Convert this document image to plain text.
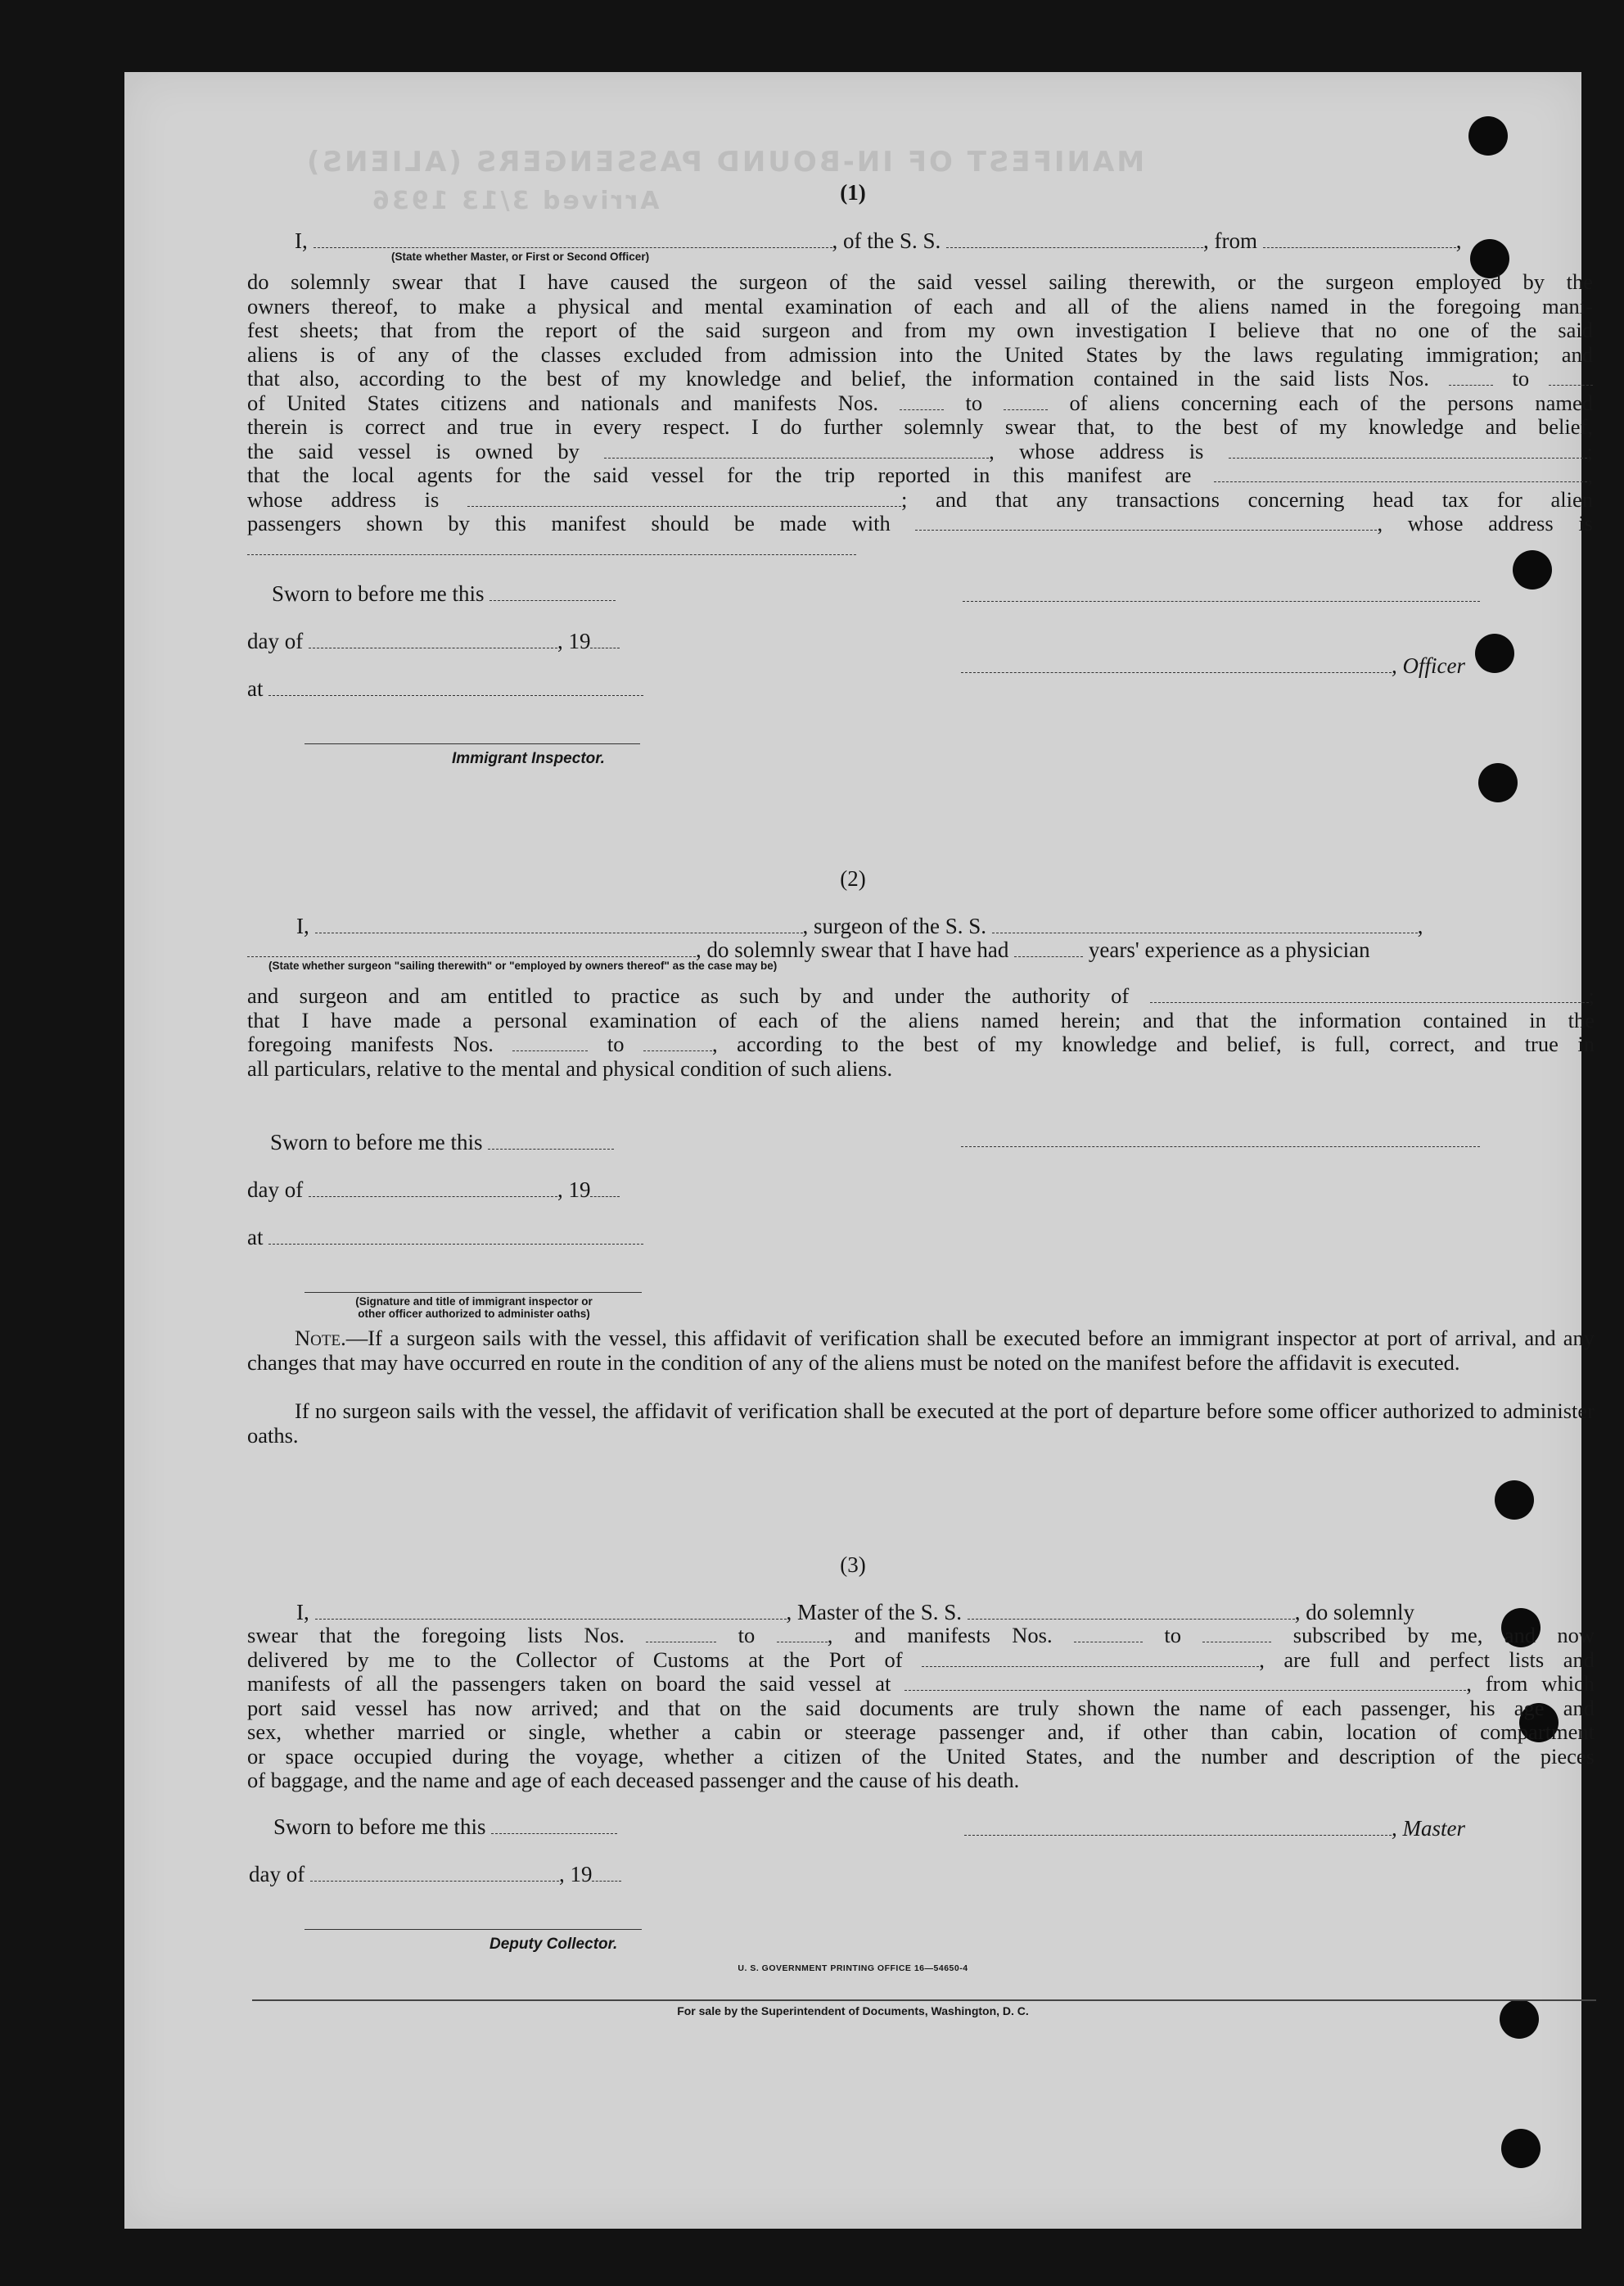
MANIFEST OF IN-BOUND PASSENGERS (ALIENS)
Arrived 3/13 1936	(1)
I,	, of the S. S.	, from	,
(State whether Master, or First or Second Officer)
do solemnly swear that I have caused the surgeon of the said vessel sailing therewith, or the surgeon employed by the
owners thereof, to make a physical and mental examination of each and all of the aliens named in the foregoing mani-
fest sheets; that from the report of the said surgeon and from my own investigation I believe that no one of the said
aliens is of any of the classes excluded from admission into the United States by the laws regulating immigration; and
that also, according to the best of my knowledge and belief, the information contained in the said lists Nos.	to
of United States citizens and nationals and manifests Nos.	to	of aliens concerning each of the persons named
therein is correct and true in every respect. I do further solemnly swear that, to the best of my knowledge and belief,
the said vessel is owned by	, whose address is	;
that the local agents for the said vessel for the trip reported in this manifest are	,
whose address is	; and that any transactions concerning head tax for alien
passengers shown by this manifest should be made with	, whose address is
Sworn to before me this
day of	, 19
at
Immigrant Inspector.
, Officer
(2)
I,	, surgeon of the S. S.	,
, do solemnly swear that I have had	years' experience as a physician
(State whether surgeon "sailing therewith" or "employed by owners thereof" as the case may be)
and surgeon and am entitled to practice as such by and under the authority of	;
that I have made a personal examination of each of the aliens named herein; and that the information contained in the
foregoing manifests Nos.	to	, according to the best of my knowledge and belief, is full, correct, and true in
all particulars, relative to the mental and physical condition of such aliens.
Sworn to before me this
day of	, 19
at
(Signature and title of immigrant inspector or
other officer authorized to administer oaths)
Note.—If a surgeon sails with the vessel, this affidavit of verification shall be executed before an immigrant inspector at port of arrival, and any changes that may have occurred en route in the condition of any of the aliens must be noted on the manifest before the affidavit is executed.
If no surgeon sails with the vessel, the affidavit of verification shall be executed at the port of departure before some officer authorized to administer oaths.
(3)
I,	, Master of the S. S.	, do solemnly
swear that the foregoing lists Nos.	to	, and manifests Nos.	to	subscribed by me, and now
delivered by me to the Collector of Customs at the Port of	, are full and perfect lists and
manifests of all the passengers taken on board the said vessel at	, from which
port said vessel has now arrived; and that on the said documents are truly shown the name of each passenger, his age and
sex, whether married or single, whether a cabin or steerage passenger and, if other than cabin, location of compartment
or space occupied during the voyage, whether a citizen of the United States, and the number and description of the pieces
of baggage, and the name and age of each deceased passenger and the cause of his death.
Sworn to before me this	, Master
day of	, 19
Deputy Collector.
U. S. GOVERNMENT PRINTING OFFICE 16—54650-4
For sale by the Superintendent of Documents, Washington, D. C.
